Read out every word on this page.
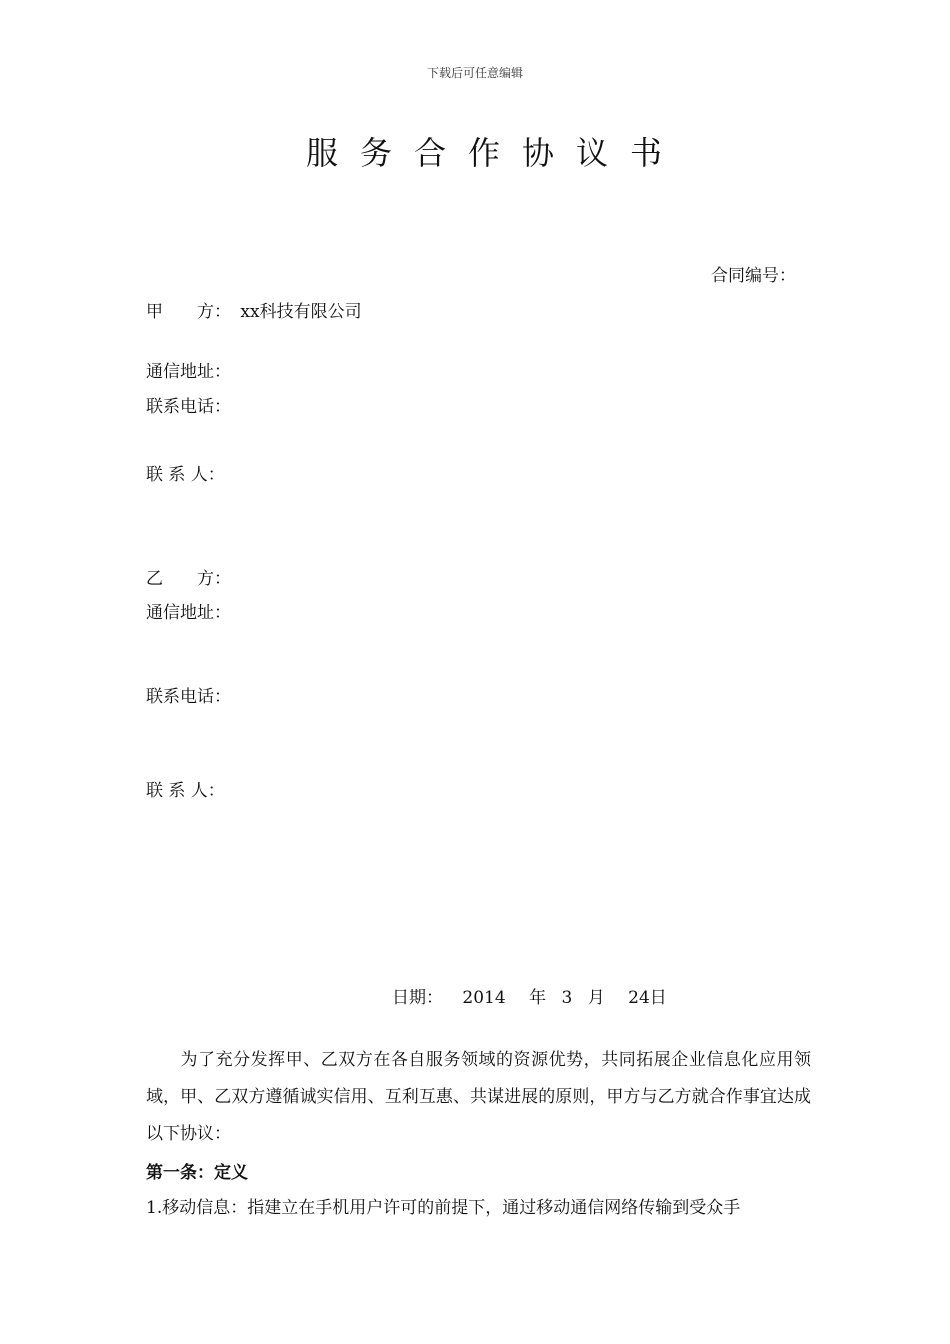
下载后可任意编辑
服务合作协议书
合同编号：
甲　　方： xx科技有限公司
通信地址：
联系电话：
联 系 人：
乙　　方：
通信地址：
联系电话：
联 系 人：
日期： 2014 年 3 月 24日
为了充分发挥甲、乙双方在各自服务领域的资源优势，共同拓展企业信息化应用领域，甲、乙双方遵循诚实信用、互利互惠、共谋进展的原则，甲方与乙方就合作事宜达成以下协议：
第一条：定义
1.移动信息：指建立在手机用户许可的前提下，通过移动通信网络传输到受众手
